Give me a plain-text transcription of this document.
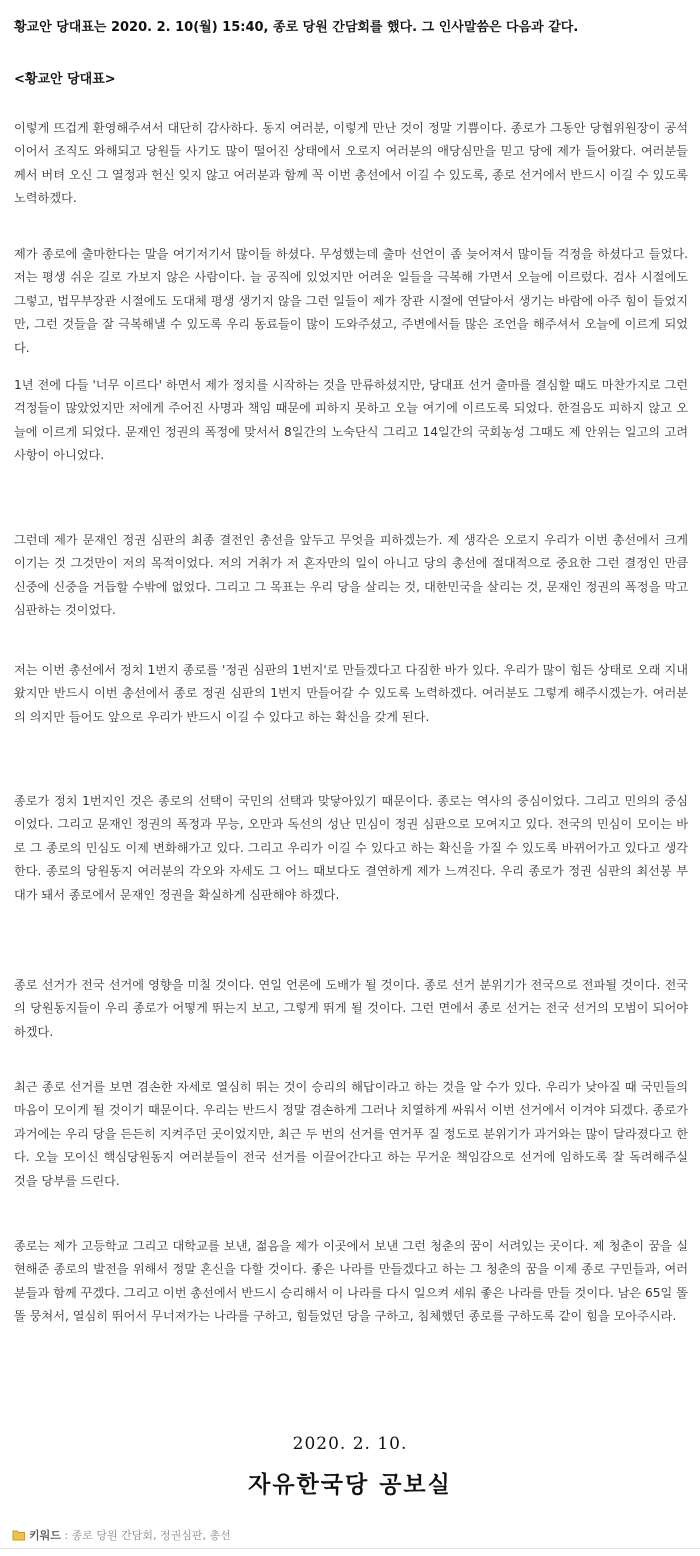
황교안 당대표는 2020. 2. 10(월) 15:40, 종로 당원 간담회를 했다. 그 인사말씀은 다음과 같다.
<황교안 당대표>
이렇게 뜨겁게 환영해주셔서 대단히 감사하다. 동지 여러분, 이렇게 만난 것이 정말 기쁨이다. 종로가 그동안 당협위원장이 공석이어서 조직도 와해되고 당원들 사기도 많이 떨어진 상태에서 오로지 여러분의 애당심만을 믿고 당에 제가 들어왔다. 여러분들께서 버텨 오신 그 열정과 헌신 잊지 않고 여러분과 함께 꼭 이번 총선에서 이길 수 있도록, 종로 선거에서 반드시 이길 수 있도록 노력하겠다.
제가 종로에 출마한다는 말을 여기저기서 많이들 하셨다. 무성했는데 출마 선언이 좀 늦어져서 많이들 걱정을 하셨다고 들었다. 저는 평생 쉬운 길로 가보지 않은 사람이다. 늘 공직에 있었지만 어려운 일들을 극복해 가면서 오늘에 이르렀다. 검사 시절에도 그렇고, 법무부장관 시절에도 도대체 평생 생기지 않을 그런 일들이 제가 장관 시절에 연달아서 생기는 바람에 아주 힘이 들었지만, 그런 것들을 잘 극복해낼 수 있도록 우리 동료들이 많이 도와주셨고, 주변에서들 많은 조언을 해주셔서 오늘에 이르게 되었다.
1년 전에 다들 '너무 이르다' 하면서 제가 정치를 시작하는 것을 만류하셨지만, 당대표 선거 출마를 결심할 때도 마찬가지로 그런 걱정들이 많았었지만 저에게 주어진 사명과 책임 때문에 피하지 못하고 오늘 여기에 이르도록 되었다. 한걸음도 피하지 않고 오늘에 이르게 되었다. 문재인 정권의 폭정에 맞서서 8일간의 노숙단식 그리고 14일간의 국회농성 그때도 제 안위는 일고의 고려사항이 아니었다.
그런데 제가 문재인 정권 심판의 최종 결전인 총선을 앞두고 무엇을 피하겠는가. 제 생각은 오로지 우리가 이번 총선에서 크게 이기는 것 그것만이 저의 목적이었다. 저의 거취가 저 혼자만의 일이 아니고 당의 총선에 절대적으로 중요한 그런 결정인 만큼 신중에 신중을 거듭할 수밖에 없었다. 그리고 그 목표는 우리 당을 살리는 것, 대한민국을 살리는 것, 문재인 정권의 폭정을 막고 심판하는 것이었다.
저는 이번 총선에서 정치 1번지 종로를 '정권 심판의 1번지'로 만들겠다고 다짐한 바가 있다. 우리가 많이 힘든 상태로 오래 지내왔지만 반드시 이번 총선에서 종로 정권 심판의 1번지 만들어갈 수 있도록 노력하겠다. 여러분도 그렇게 해주시겠는가. 여러분의 의지만 들어도 앞으로 우리가 반드시 이길 수 있다고 하는 확신을 갖게 된다.
종로가 정치 1번지인 것은 종로의 선택이 국민의 선택과 맞닿아있기 때문이다. 종로는 역사의 중심이었다. 그리고 민의의 중심이었다. 그리고 문재인 정권의 폭정과 무능, 오만과 독선의 성난 민심이 정권 심판으로 모여지고 있다. 전국의 민심이 모이는 바로 그 종로의 민심도 이제 변화해가고 있다. 그리고 우리가 이길 수 있다고 하는 확신을 가질 수 있도록 바뀌어가고 있다고 생각한다. 종로의 당원동지 여러분의 각오와 자세도 그 어느 때보다도 결연하게 제가 느껴진다. 우리 종로가 정권 심판의 최선봉 부대가 돼서 종로에서 문재인 정권을 확실하게 심판해야 하겠다.
종로 선거가 전국 선거에 영향을 미칠 것이다. 연일 언론에 도배가 될 것이다. 종로 선거 분위기가 전국으로 전파될 것이다. 전국의 당원동지들이 우리 종로가 어떻게 뛰는지 보고, 그렇게 뛰게 될 것이다. 그런 면에서 종로 선거는 전국 선거의 모범이 되어야 하겠다.
최근 종로 선거를 보면 겸손한 자세로 열심히 뛰는 것이 승리의 해답이라고 하는 것을 알 수가 있다. 우리가 낮아질 때 국민들의 마음이 모이게 될 것이기 때문이다. 우리는 반드시 정말 겸손하게 그러나 치열하게 싸워서 이번 선거에서 이겨야 되겠다. 종로가 과거에는 우리 당을 든든히 지켜주던 곳이었지만, 최근 두 번의 선거를 연거푸 질 정도로 분위기가 과거와는 많이 달라졌다고 한다. 오늘 모이신 핵심당원동지 여러분들이 전국 선거를 이끌어간다고 하는 무거운 책임감으로 선거에 임하도록 잘 독려해주실 것을 당부를 드린다.
종로는 제가 고등학교 그리고 대학교를 보낸, 젊음을 제가 이곳에서 보낸 그런 청춘의 꿈이 서려있는 곳이다. 제 청춘이 꿈을 실현해준 종로의 발전을 위해서 정말 혼신을 다할 것이다. 좋은 나라를 만들겠다고 하는 그 청춘의 꿈을 이제 종로 구민들과, 여러분들과 함께 꾸겠다. 그리고 이번 총선에서 반드시 승리해서 이 나라를 다시 일으켜 세워 좋은 나라를 만들 것이다. 남은 65일 똘똘 뭉쳐서, 열심히 뛰어서 무너져가는 나라를 구하고, 힘들었던 당을 구하고, 침체했던 종로를 구하도록 같이 힘을 모아주시라.
2020. 2. 10.
자유한국당 공보실
키워드 : 종로 당원 간담회, 정권심판, 총선
